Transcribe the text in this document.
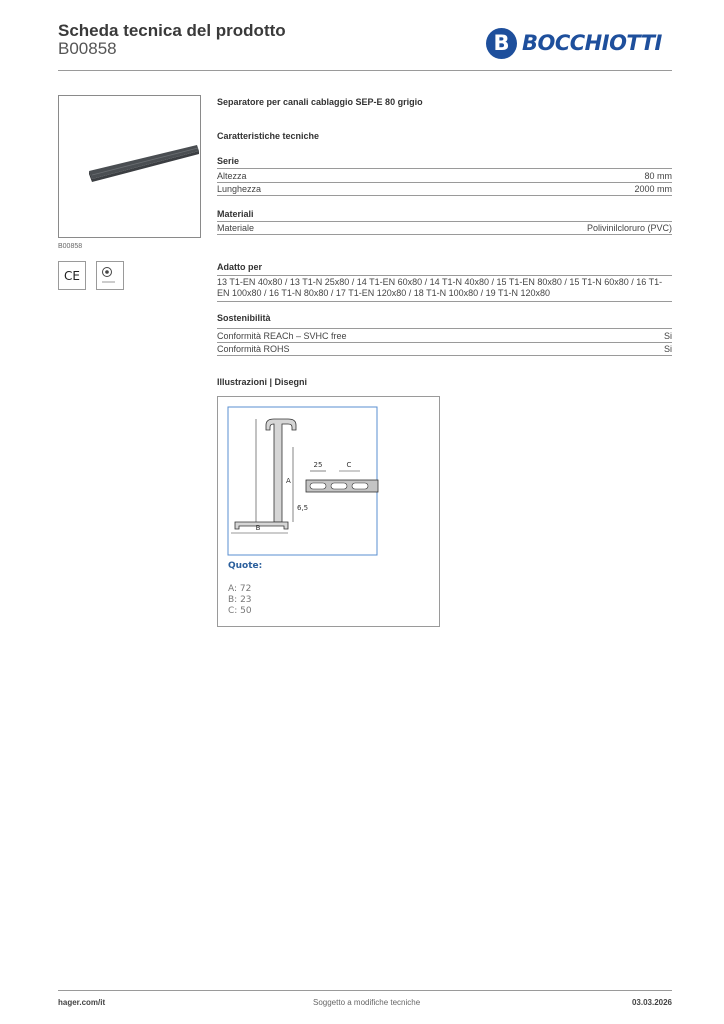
Scheda tecnica del prodotto
B00858	B BOCCHIOTTI
B00858
CE
Separatore per canali cablaggio SEP-E 80 grigio
Caratteristiche tecniche
Serie
Altezza	80 mm
Lunghezza	2000 mm
Materiali
Materiale	Polivinilcloruro (PVC)
Adatto per
13 T1-EN 40x80 / 13 T1-N 25x80 / 14 T1-EN 60x80 / 14 T1-N 40x80 / 15 T1-EN 80x80 / 15 T1-N 60x80 / 16 T1-EN 100x80 / 16 T1-N 80x80 / 17 T1-EN 120x80 / 18 T1-N 100x80 / 19 T1-N 120x80
Sostenibilità
Conformità REACh – SVHC free	Si
Conformità ROHS	Si
Illustrazioni | Disegni
B
A
6,5
25	C
Quote:
A: 72
B: 23
C: 50
hager.com/it	Soggetto a modifiche tecniche	03.03.2026
